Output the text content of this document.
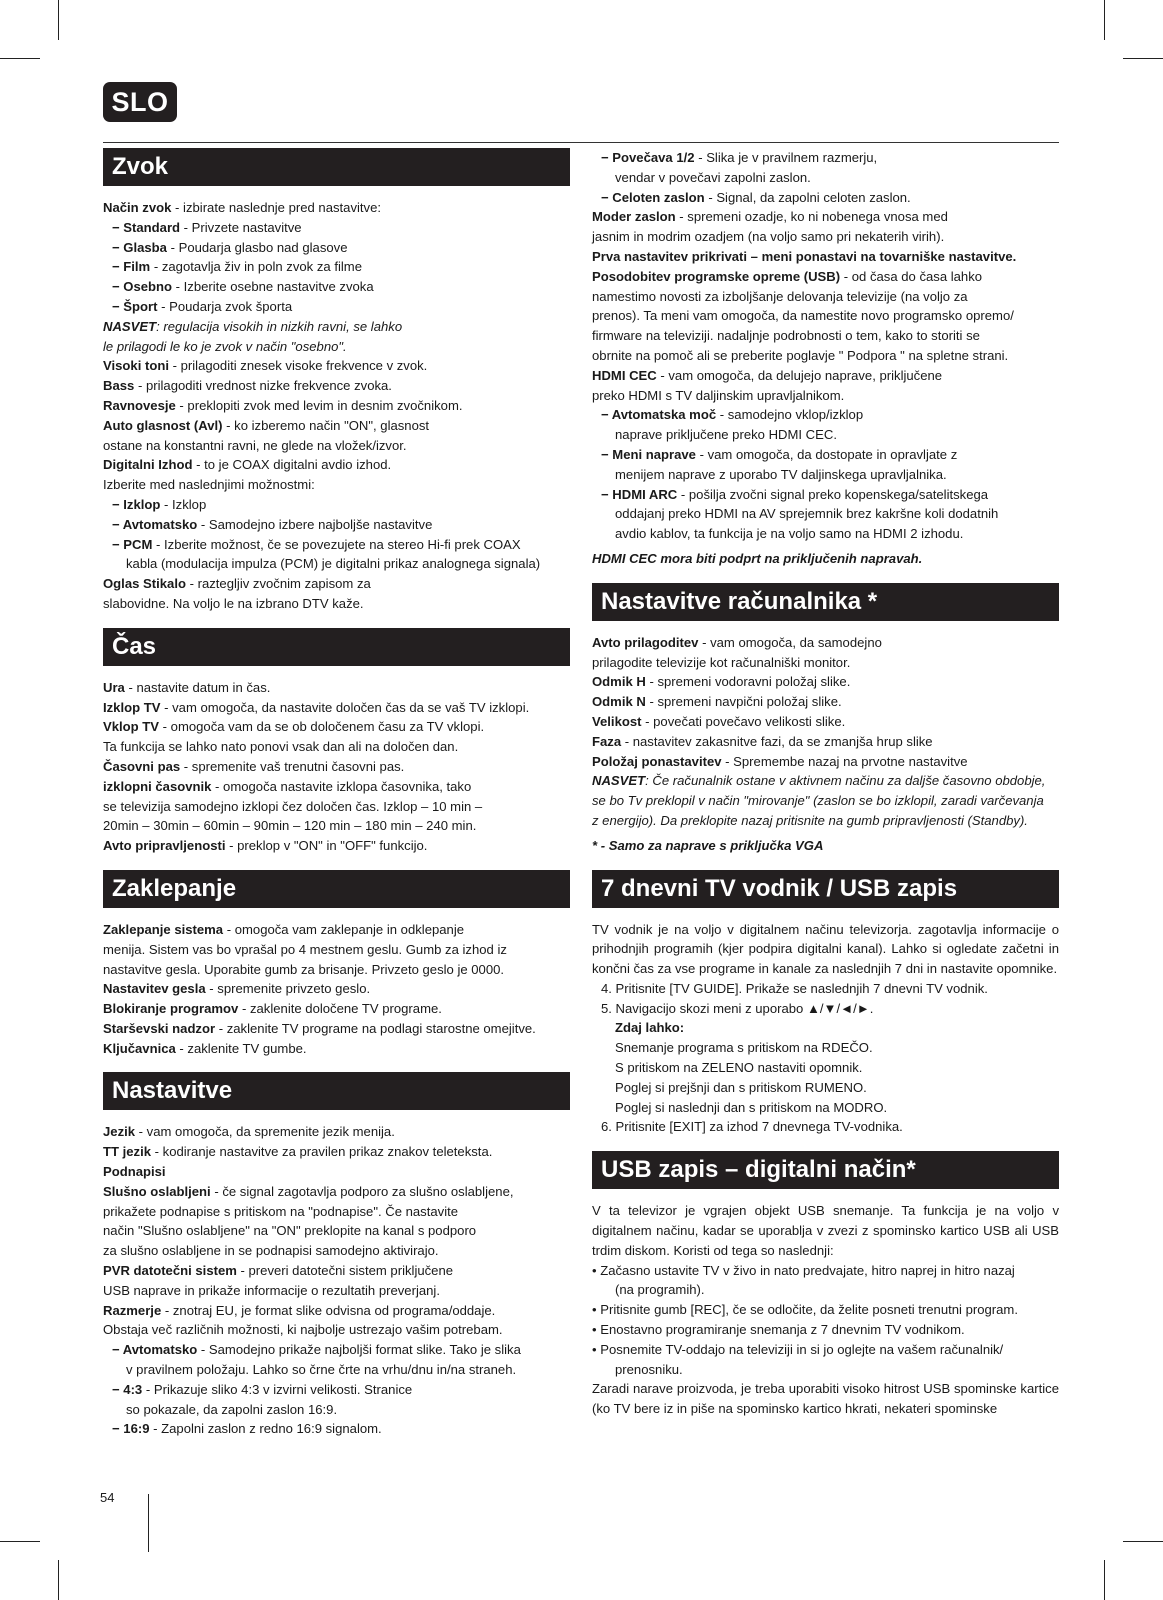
SLO
Zvok

Način zvok - izbirate naslednje pred nastavitve:

− Standard - Privzete nastavitve

− Glasba - Poudarja glasbo nad glasove

− Film - zagotavlja živ in poln zvok za filme

− Osebno - Izberite osebne nastavitve zvoka

− Šport - Poudarja zvok športa

NASVET: regulacija visokih in nizkih ravni, se lahko

le prilagodi le ko je zvok v način "osebno".

Visoki toni - prilagoditi znesek visoke frekvence v zvok.

Bass - prilagoditi vrednost nizke frekvence zvoka.

Ravnovesje - preklopiti zvok med levim in desnim zvočnikom.

Auto glasnost (Avl) - ko izberemo način "ON", glasnost

ostane na konstantni ravni, ne glede na vložek/izvor.

Digitalni Izhod - to je COAX digitalni avdio izhod.

Izberite med naslednjimi možnostmi:

− Izklop - Izklop

− Avtomatsko - Samodejno izbere najboljše nastavitve

− PCM - Izberite možnost, če se povezujete na stereo Hi-fi prek COAX

kabla (modulacija impulza (PCM) je digitalni prikaz analognega signala)

Oglas Stikalo - raztegljiv zvočnim zapisom za

slabovidne. Na voljo le na izbrano DTV kaže.

Čas

Ura - nastavite datum in čas.

Izklop TV - vam omogoča, da nastavite določen čas da se vaš TV izklopi.

Vklop TV - omogoča vam da se ob določenem času za TV vklopi.

Ta funkcija se lahko nato ponovi vsak dan ali na določen dan.

Časovni pas - spremenite vaš trenutni časovni pas.

izklopni časovnik - omogoča nastavite izklopa časovnika, tako

se televizija samodejno izklopi čez določen čas. Izklop – 10 min –

20min – 30min – 60min – 90min – 120 min – 180 min – 240 min.

Avto pripravljenosti - preklop v "ON" in "OFF" funkcijo.

Zaklepanje

Zaklepanje sistema - omogoča vam zaklepanje in odklepanje

menija. Sistem vas bo vprašal po 4 mestnem geslu. Gumb za izhod iz

nastavitve gesla. Uporabite gumb za brisanje. Privzeto geslo je 0000.

Nastavitev gesla - spremenite privzeto geslo.

Blokiranje programov - zaklenite določene TV programe.

Starševski nadzor - zaklenite TV programe na podlagi starostne omejitve.

Ključavnica - zaklenite TV gumbe.

Nastavitve

Jezik - vam omogoča, da spremenite jezik menija.

TT jezik - kodiranje nastavitve za pravilen prikaz znakov teleteksta.

Podnapisi

Slušno oslabljeni - če signal zagotavlja podporo za slušno oslabljene,

prikažete podnapise s pritiskom na "podnapise". Če nastavite

način "Slušno oslabljene" na "ON" preklopite na kanal s podporo

za slušno oslabljene in se podnapisi samodejno aktivirajo.

PVR datotečni sistem - preveri datotečni sistem priključene

USB naprave in prikaže informacije o rezultatih preverjanj.

Razmerje - znotraj EU, je format slike odvisna od programa/oddaje.

Obstaja več različnih možnosti, ki najbolje ustrezajo vašim potrebam.

− Avtomatsko - Samodejno prikaže najboljši format slike. Tako je slika

v pravilnem položaju. Lahko so črne črte na vrhu/dnu in/na straneh.

− 4:3 - Prikazuje sliko 4:3 v izvirni velikosti. Stranice

so pokazale, da zapolni zaslon 16:9.

− 16:9 - Zapolni zaslon z redno 16:9 signalom.

− Povečava 1/2 - Slika je v pravilnem razmerju,

vendar v povečavi zapolni zaslon.

− Celoten zaslon - Signal, da zapolni celoten zaslon.

Moder zaslon - spremeni ozadje, ko ni nobenega vnosa med

jasnim in modrim ozadjem (na voljo samo pri nekaterih virih).

Prva nastavitev prikrivati – meni ponastavi na tovarniške nastavitve.

Posodobitev programske opreme (USB) - od časa do časa lahko

namestimo novosti za izboljšanje delovanja televizije (na voljo za

prenos). Ta meni vam omogoča, da namestite novo programsko opremo/

firmware na televiziji. nadaljnje podrobnosti o tem, kako to storiti se

obrnite na pomoč ali se preberite poglavje " Podpora " na spletne strani.

HDMI CEC - vam omogoča, da delujejo naprave, priključene

preko HDMI s TV daljinskim upravljalnikom.

− Avtomatska moč - samodejno vklop/izklop

naprave priključene preko HDMI CEC.

− Meni naprave - vam omogoča, da dostopate in opravljate z

menijem naprave z uporabo TV daljinskega upravljalnika.

− HDMI ARC - pošilja zvočni signal preko kopenskega/satelitskega

oddajanj preko HDMI na AV sprejemnik brez kakršne koli dodatnih

avdio kablov, ta funkcija je na voljo samo na HDMI 2 izhodu.

HDMI CEC mora biti podprt na priključenih napravah.

Nastavitve računalnika *

Avto prilagoditev - vam omogoča, da samodejno

prilagodite televizije kot računalniški monitor.

Odmik H - spremeni vodoravni položaj slike.

Odmik N - spremeni navpični položaj slike.

Velikost - povečati povečavo velikosti slike.

Faza - nastavitev zakasnitve fazi, da se zmanjša hrup slike

Položaj ponastavitev - Spremembe nazaj na prvotne nastavitve

NASVET: Če računalnik ostane v aktivnem načinu za daljše časovno obdobje,

se bo Tv preklopil v način "mirovanje" (zaslon se bo izklopil, zaradi varčevanja

z energijo). Da preklopite nazaj pritisnite na gumb pripravljenosti (Standby).

* - Samo za naprave s priključka VGA

7 dnevni TV vodnik / USB zapis

TV vodnik je na voljo v digitalnem načinu televizorja. zagotavlja informacije o prihodnjih programih (kjer podpira digitalni kanal). Lahko si ogledate začetni in končni čas za vse programe in kanale za naslednjih 7 dni in nastavite opomnike.

4. Pritisnite [TV GUIDE]. Prikaže se naslednjih 7 dnevni TV vodnik.

5. Navigacijo skozi meni z uporabo ▲/▼/◄/►.

Zdaj lahko:

Snemanje programa s pritiskom na RDEČO.

S pritiskom na ZELENO nastaviti opomnik.

Poglej si prejšnji dan s pritiskom RUMENO.

Poglej si naslednji dan s pritiskom na MODRO.

6. Pritisnite [EXIT] za izhod 7 dnevnega TV-vodnika.

USB zapis – digitalni način*

V ta televizor je vgrajen objekt USB snemanje. Ta funkcija je na voljo v digitalnem načinu, kadar se uporablja v zvezi z spominsko kartico USB ali USB trdim diskom. Koristi od tega so naslednji:

• Začasno ustavite TV v živo in nato predvajate, hitro naprej in hitro nazaj

(na programih).

• Pritisnite gumb [REC], če se odločite, da želite posneti trenutni program.

• Enostavno programiranje snemanja z 7 dnevnim TV vodnikom.

• Posnemite TV-oddajo na televiziji in si jo oglejte na vašem računalnik/

prenosniku.

Zaradi narave proizvoda, je treba uporabiti visoko hitrost USB spominske kartice (ko TV bere iz in piše na spominsko kartico hkrati, nekateri spominske

54
